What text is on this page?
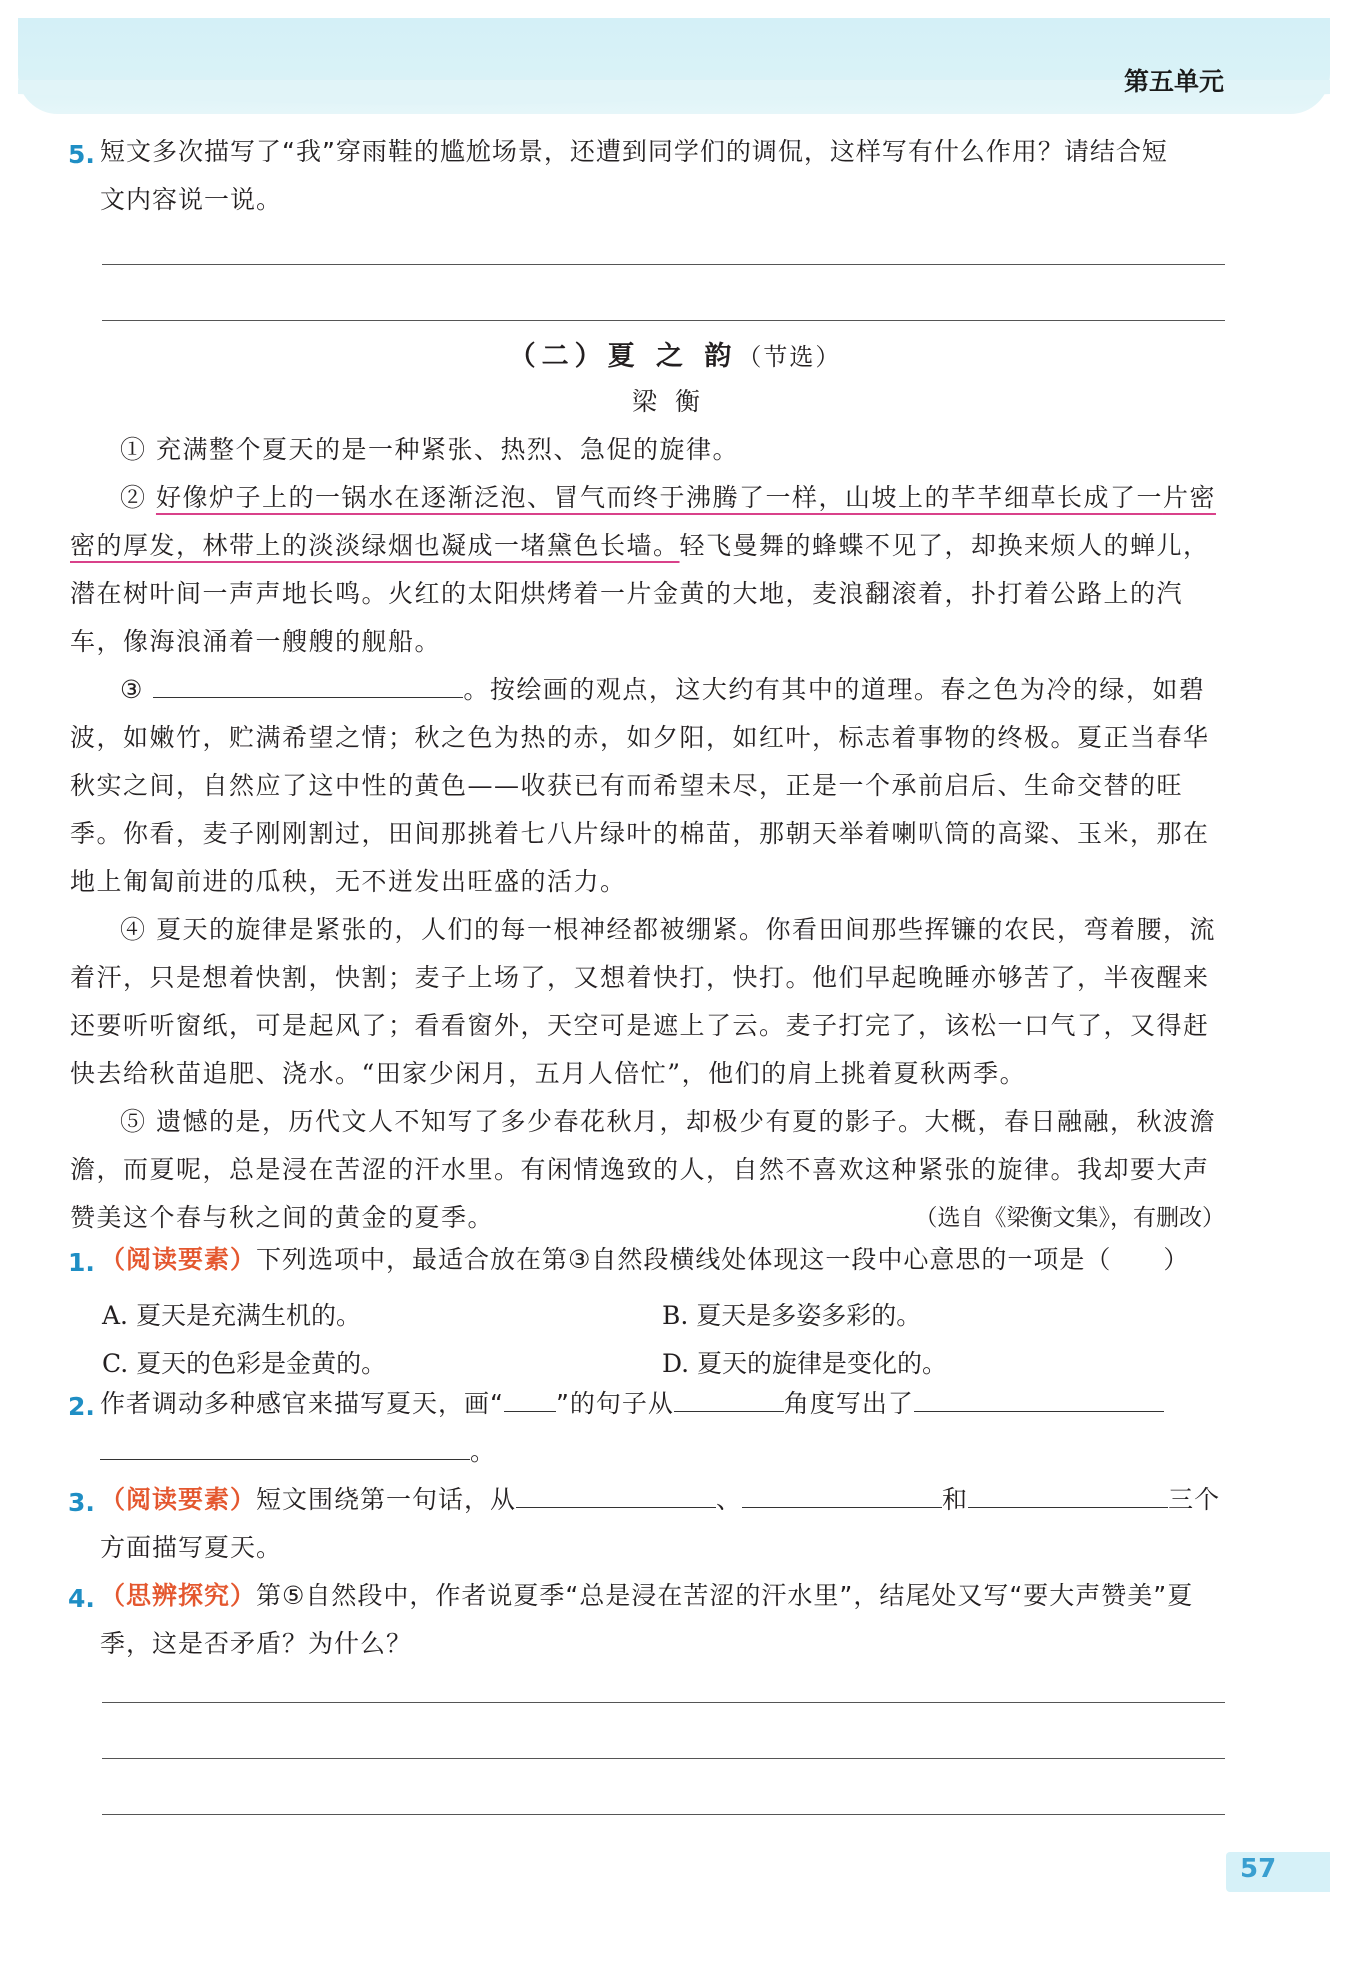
第五单元
5. 短文多次描写了“我”穿雨鞋的尴尬场景，还遭到同学们的调侃，这样写有什么作用？请结合短
文内容说一说。
（二）夏 之 韵（节选）
梁衡
① 充满整个夏天的是一种紧张、热烈、急促的旋律。
② 好像炉子上的一锅水在逐渐泛泡、冒气而终于沸腾了一样，山坡上的芊芊细草长成了一片密密的厚发，林带上的淡淡绿烟也凝成一堵黛色长墙。轻飞曼舞的蜂蝶不见了，却换来烦人的蝉儿，潜在树叶间一声声地长鸣。火红的太阳烘烤着一片金黄的大地，麦浪翻滚着，扑打着公路上的汽车，像海浪涌着一艘艘的舰船。
③	。按绘画的观点，这大约有其中的道理。春之色为冷的绿，如碧波，如嫩竹，贮满希望之情；秋之色为热的赤，如夕阳，如红叶，标志着事物的终极。夏正当春华秋实之间，自然应了这中性的黄色——收获已有而希望未尽，正是一个承前启后、生命交替的旺季。你看，麦子刚刚割过，田间那挑着七八片绿叶的棉苗，那朝天举着喇叭筒的高粱、玉米，那在地上匍匐前进的瓜秧，无不迸发出旺盛的活力。
④ 夏天的旋律是紧张的，人们的每一根神经都被绷紧。你看田间那些挥镰的农民，弯着腰，流着汗，只是想着快割，快割；麦子上场了，又想着快打，快打。他们早起晚睡亦够苦了，半夜醒来还要听听窗纸，可是起风了；看看窗外，天空可是遮上了云。麦子打完了，该松一口气了，又得赶快去给秋苗追肥、浇水。“田家少闲月，五月人倍忙”，他们的肩上挑着夏秋两季。
⑤ 遗憾的是，历代文人不知写了多少春花秋月，却极少有夏的影子。大概，春日融融，秋波澹澹，而夏呢，总是浸在苦涩的汗水里。有闲情逸致的人，自然不喜欢这种紧张的旋律。我却要大声赞美这个春与秋之间的黄金的夏季。	（选自《梁衡文集》，有删改）
1. （阅读要素）下列选项中，最适合放在第③自然段横线处体现这一段中心意思的一项是（　　）
A. 夏天是充满生机的。	B. 夏天是多姿多彩的。
C. 夏天的色彩是金黄的。	D. 夏天的旋律是变化的。
2. 作者调动多种感官来描写夏天，画“ ”的句子从	角度写出了
。
3. （阅读要素）短文围绕第一句话，从	、	和	三个
方面描写夏天。
4. （思辨探究）第⑤自然段中，作者说夏季“总是浸在苦涩的汗水里”，结尾处又写“要大声赞美”夏
季，这是否矛盾？为什么？
57
